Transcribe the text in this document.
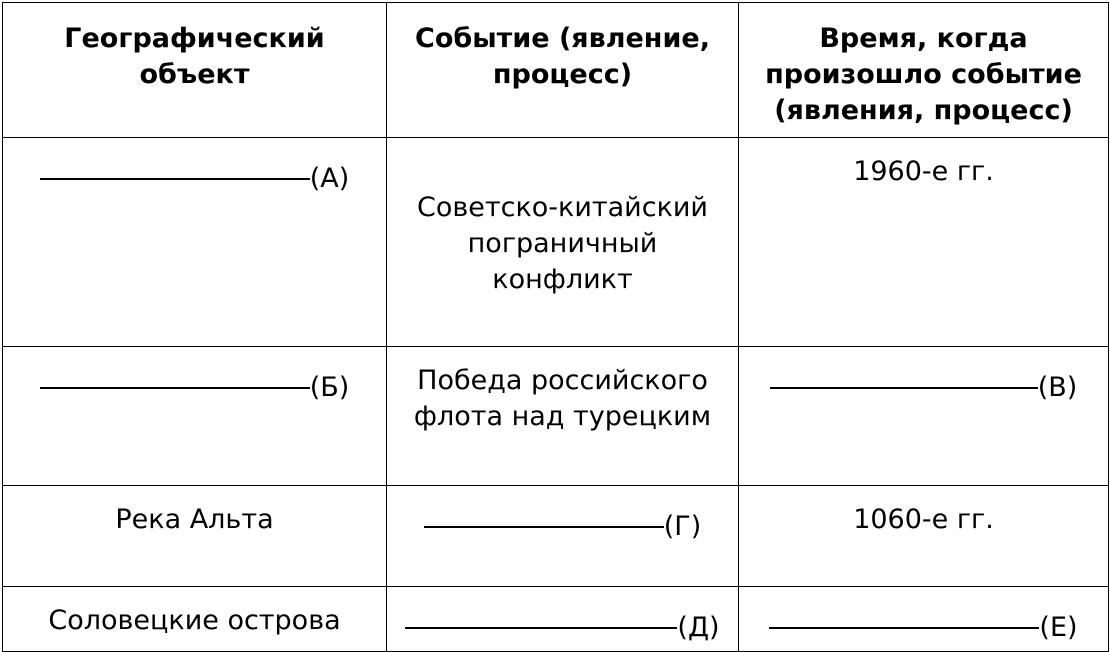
Географический объект	Событие (явление, процесс)	Время, когда произошло событие (явления, процесс)

(А)	Советско-китайский пограничный конфликт	1960-е гг.

(Б)	Победа российского флота над турецким	(В)

Река Альта	(Г)	1060-е гг.
Соловецкие острова	(Д)	(Е)
